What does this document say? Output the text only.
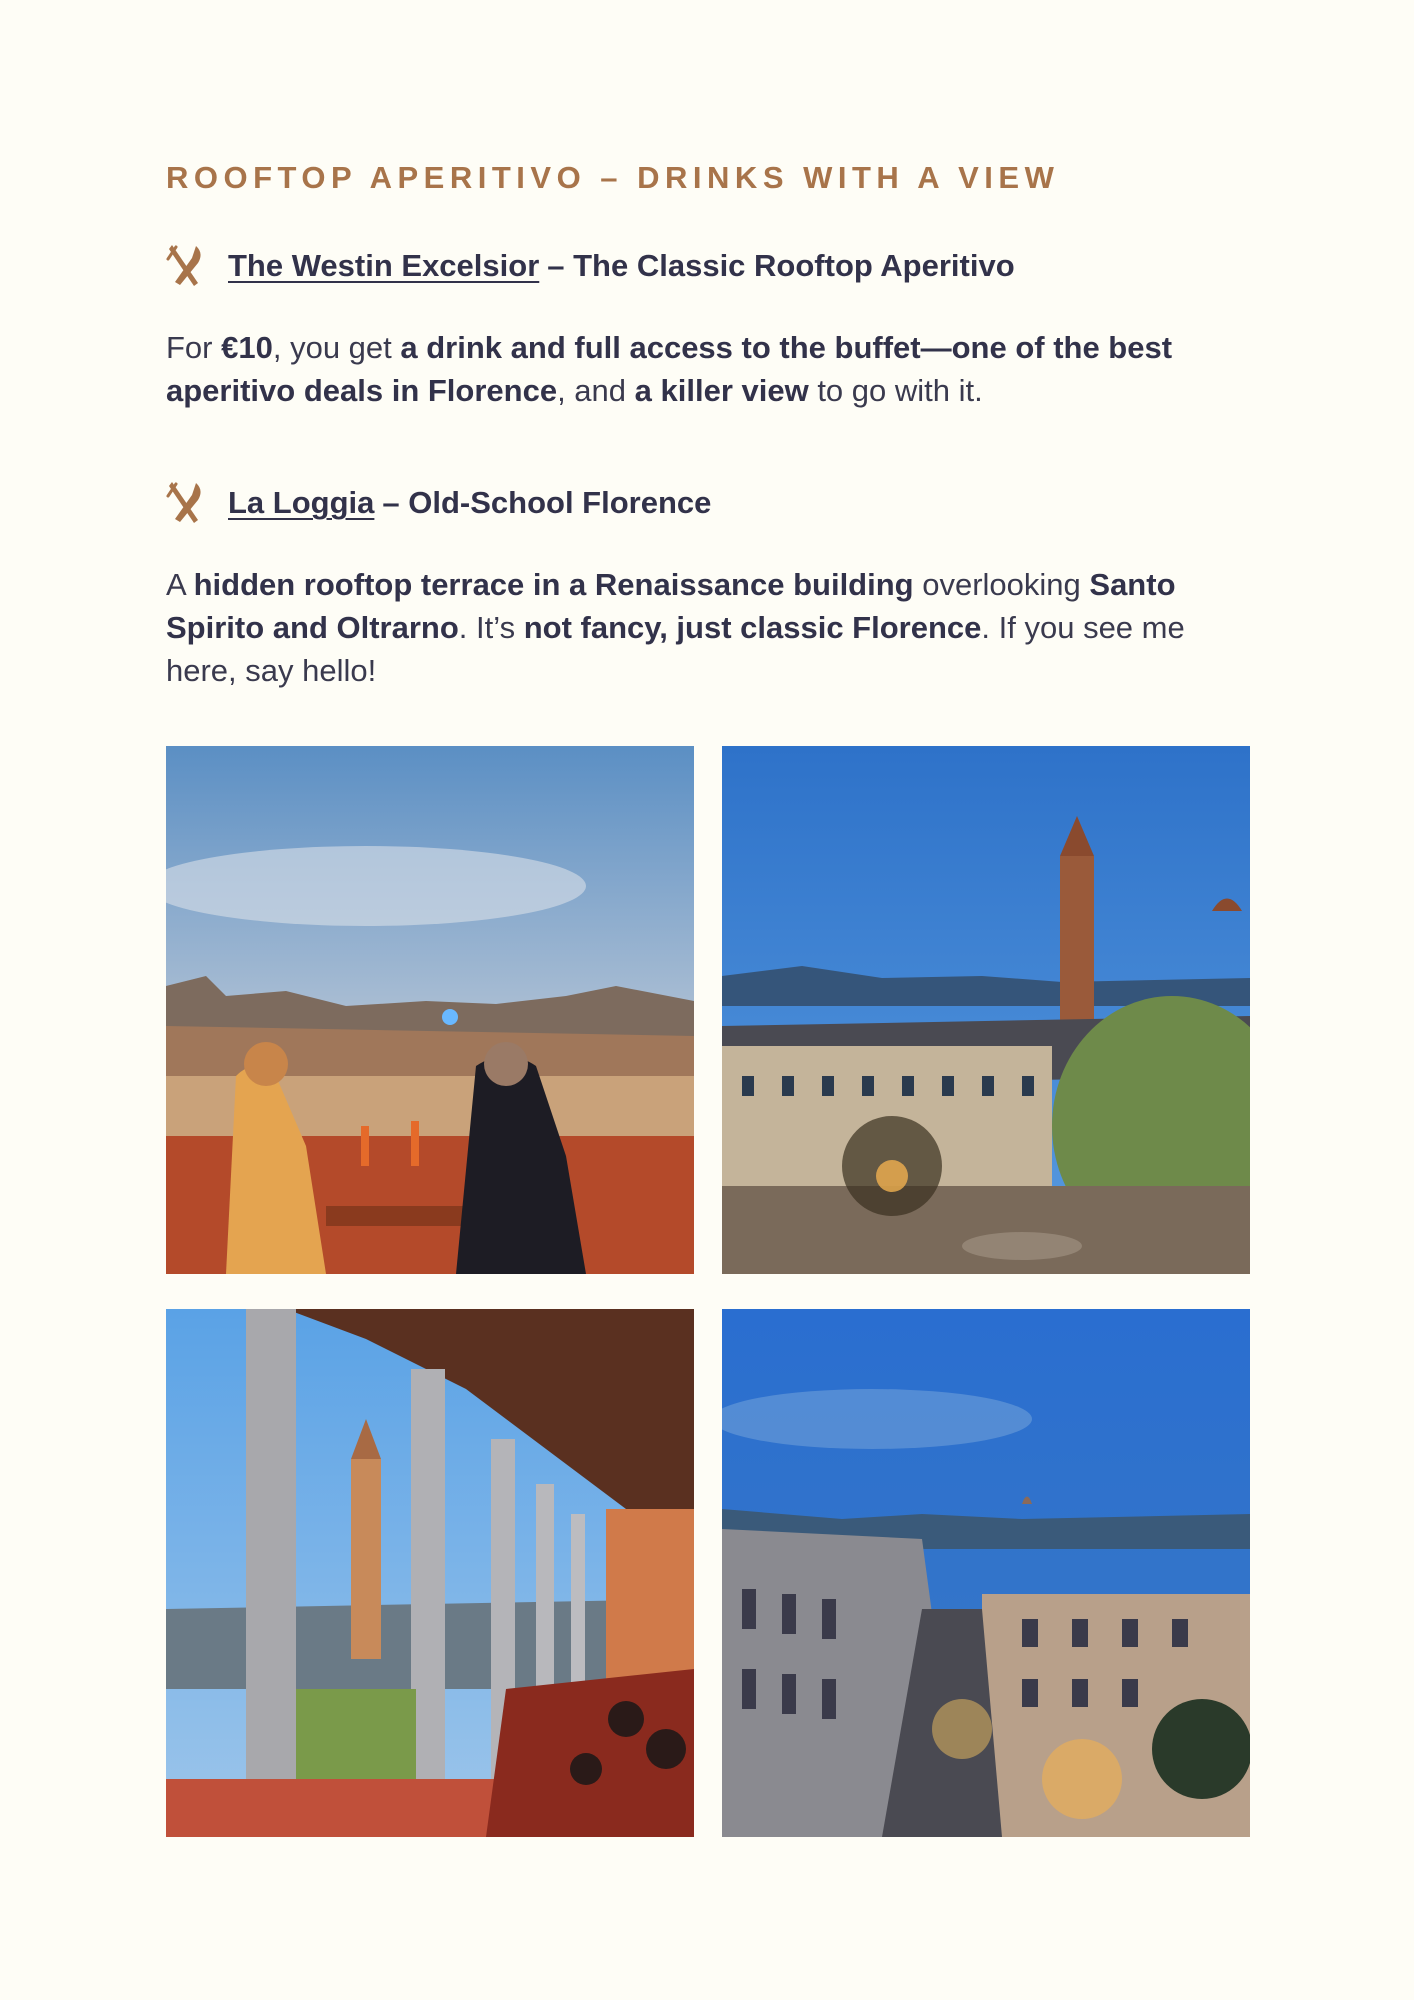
ROOFTOP APERITIVO – DRINKS WITH A VIEW
The Westin Excelsior – The Classic Rooftop Aperitivo

For €10, you get a drink and full access to the buffet—one of the best aperitivo deals in Florence, and a killer view to go with it.

La Loggia – Old-School Florence

A hidden rooftop terrace in a Renaissance building overlooking Santo Spirito and Oltrarno. It’s not fancy, just classic Florence. If you see me here, say hello!
